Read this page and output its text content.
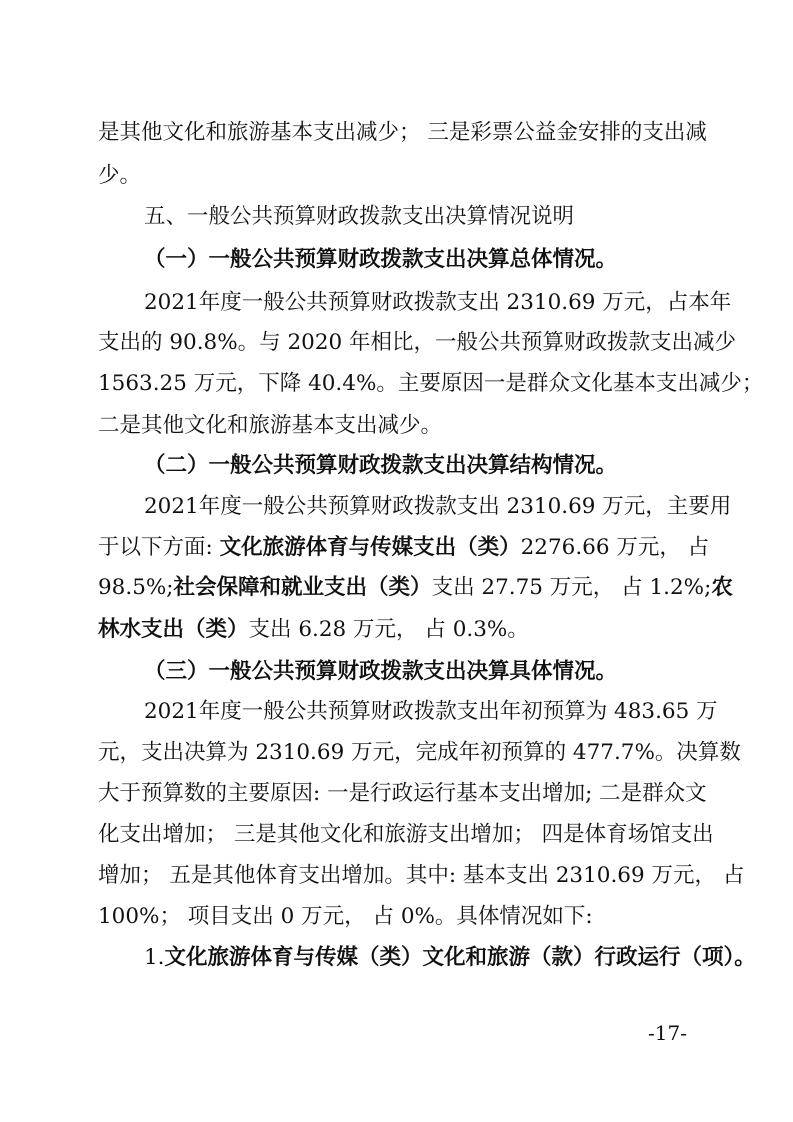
是其他文化和旅游基本支出减少； 三是彩票公益金安排的支出减
少。
五、一般公共预算财政拨款支出决算情况说明
（一）一般公共预算财政拨款支出决算总体情况。
2021年度一般公共预算财政拨款支出 2310.69 万元，占本年
支出的 90.8%。与 2020 年相比，一般公共预算财政拨款支出减少
1563.25 万元，下降 40.4%。主要原因一是群众文化基本支出减少；
二是其他文化和旅游基本支出减少。
（二）一般公共预算财政拨款支出决算结构情况。
2021年度一般公共预算财政拨款支出 2310.69 万元，主要用
于以下方面: 文化旅游体育与传媒支出（类）2276.66 万元， 占
98.5%;社会保障和就业支出（类）支出 27.75 万元， 占 1.2%;农
林水支出（类）支出 6.28 万元， 占 0.3%。
（三）一般公共预算财政拨款支出决算具体情况。
2021年度一般公共预算财政拨款支出年初预算为 483.65 万
元，支出决算为 2310.69 万元，完成年初预算的 477.7%。决算数
大于预算数的主要原因: 一是行政运行基本支出增加; 二是群众文
化支出增加； 三是其他文化和旅游支出增加； 四是体育场馆支出
增加； 五是其他体育支出增加。其中: 基本支出 2310.69 万元， 占
100%； 项目支出 0 万元， 占 0%。具体情况如下:
1.文化旅游体育与传媒（类）文化和旅游（款）行政运行（项）。
-17-
